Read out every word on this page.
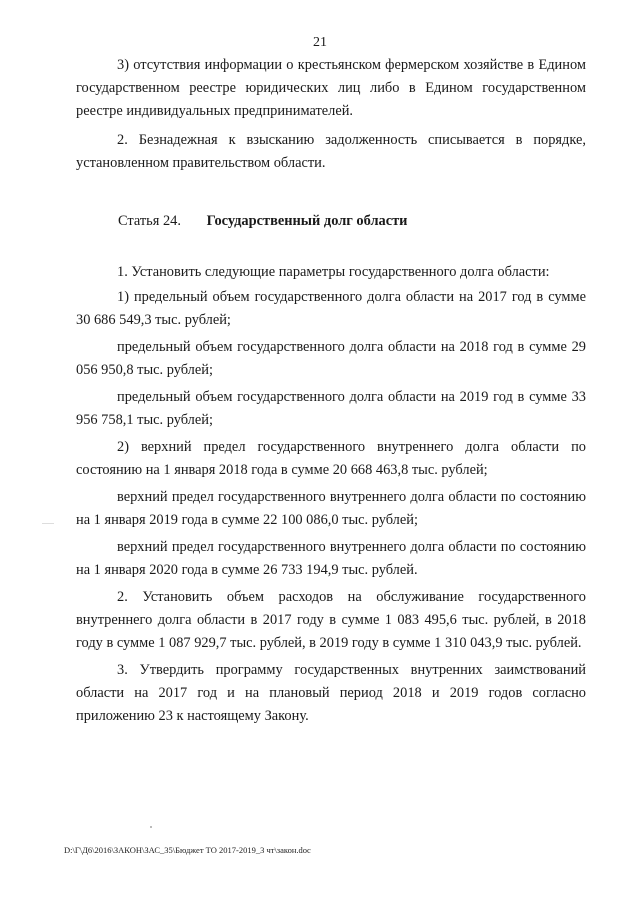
21

3) отсутствия информации о крестьянском фермерском хозяйстве в Едином государственном реестре юридических лиц либо в Едином государственном реестре индивидуальных предпринимателей.

2. Безнадежная к взысканию задолженность списывается в порядке, установленном правительством области.

Статья 24. Государственный долг области

1. Установить следующие параметры государственного долга области:

1) предельный объем государственного долга области на 2017 год в сумме 30 686 549,3 тыс. рублей;

предельный объем государственного долга области на 2018 год в сумме 29 056 950,8 тыс. рублей;

предельный объем государственного долга области на 2019 год в сумме 33 956 758,1 тыс. рублей;

2) верхний предел государственного внутреннего долга области по состоянию на 1 января 2018 года в сумме 20 668 463,8 тыс. рублей;

верхний предел государственного внутреннего долга области по состоянию на 1 января 2019 года в сумме 22 100 086,0 тыс. рублей;

верхний предел государственного внутреннего долга области по состоянию на 1 января 2020 года в сумме 26 733 194,9 тыс. рублей.

2. Установить объем расходов на обслуживание государственного внутреннего долга области в 2017 году в сумме 1 083 495,6 тыс. рублей, в 2018 году в сумме 1 087 929,7 тыс. рублей, в 2019 году в сумме 1 310 043,9 тыс. рублей.

3. Утвердить программу государственных внутренних заимствований области на 2017 год и на плановый период 2018 и 2019 годов согласно приложению 23 к настоящему Закону.

D:\Г\Д6\2016\ЗАКОН\ЗАС_35\Бюджет ТО 2017-2019_3 чт\закон.doc
